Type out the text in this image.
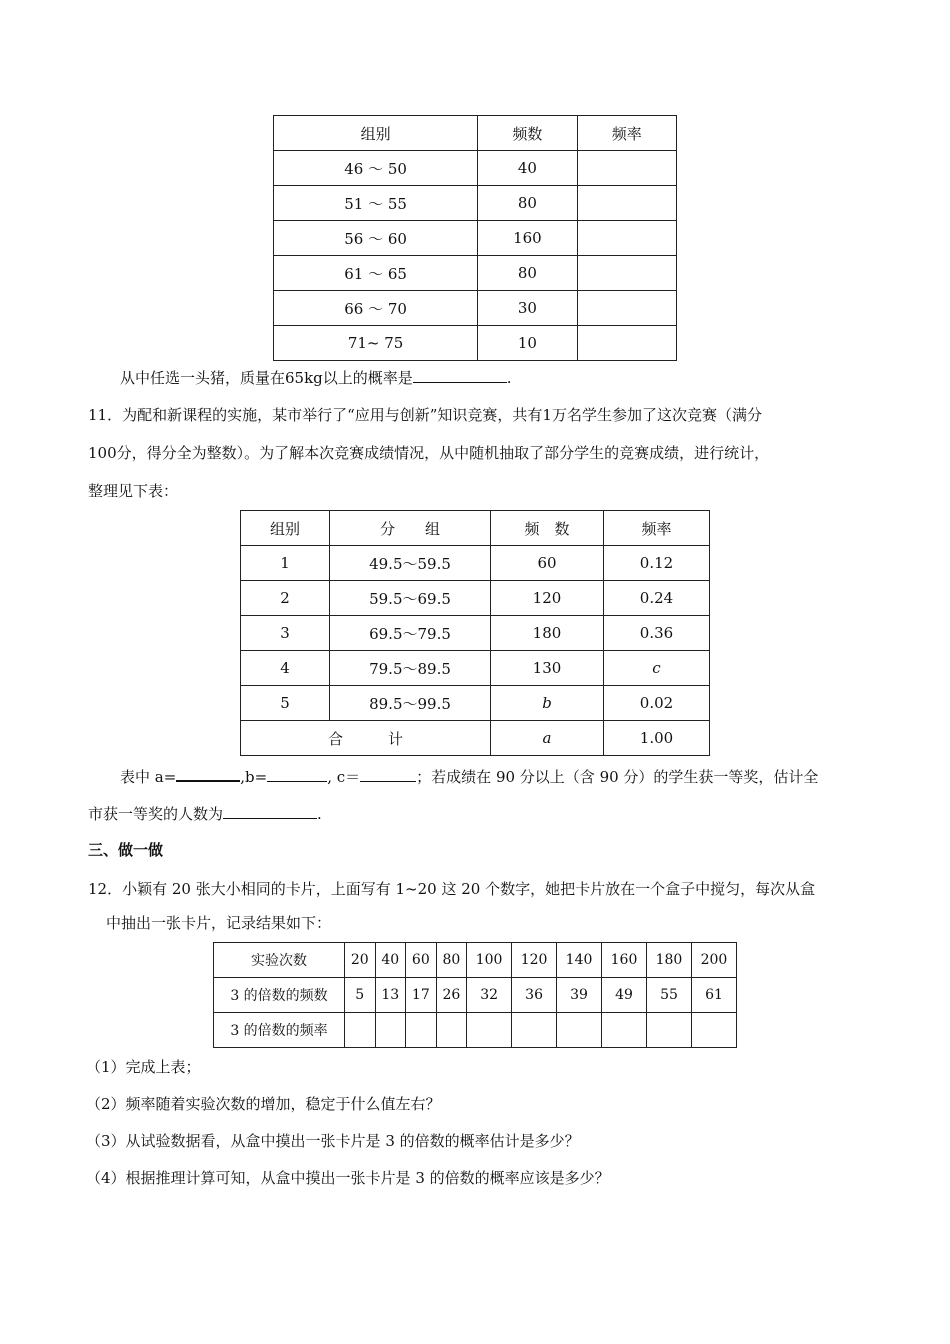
组别	频数	频率
46 ～ 50	40	
51 ～ 55	80	
56 ～ 60	160	
61 ～ 65	80	
66 ～ 70	30	
71~ 75	10	
从中任选一头猪，质量在65kg以上的概率是	.
11．为配和新课程的实施，某市举行了“应用与创新”知识竞赛，共有1万名学生参加了这次竞赛（满分
100分，得分全为整数）。为了解本次竞赛成绩情况，从中随机抽取了部分学生的竞赛成绩，进行统计，
整理见下表：
组别	分　　组	频　数	频率
1	49.5～59.5	60	0.12
2	59.5～69.5	120	0.24
3	69.5～79.5	180	0.36
4	79.5～89.5	130	c
5	89.5～99.5	b	0.02
合　　　计		a	1.00
表中 a=	,b=	, c＝	；若成绩在 90 分以上（含 90 分）的学生获一等奖，估计全
市获一等奖的人数为	.
三、做一做
12．小颖有 20 张大小相同的卡片，上面写有 1~20 这 20 个数字，她把卡片放在一个盒子中搅匀，每次从盒
中抽出一张卡片，记录结果如下：
实验次数	20	40	60	80	100	120	140	160	180	200
3 的倍数的频数	5	13	17	26	32	36	39	49	55	61
3 的倍数的频率										
（1）完成上表；
（2）频率随着实验次数的增加，稳定于什么值左右？
（3）从试验数据看，从盒中摸出一张卡片是 3 的倍数的概率估计是多少？
（4）根据推理计算可知，从盒中摸出一张卡片是 3 的倍数的概率应该是多少？
